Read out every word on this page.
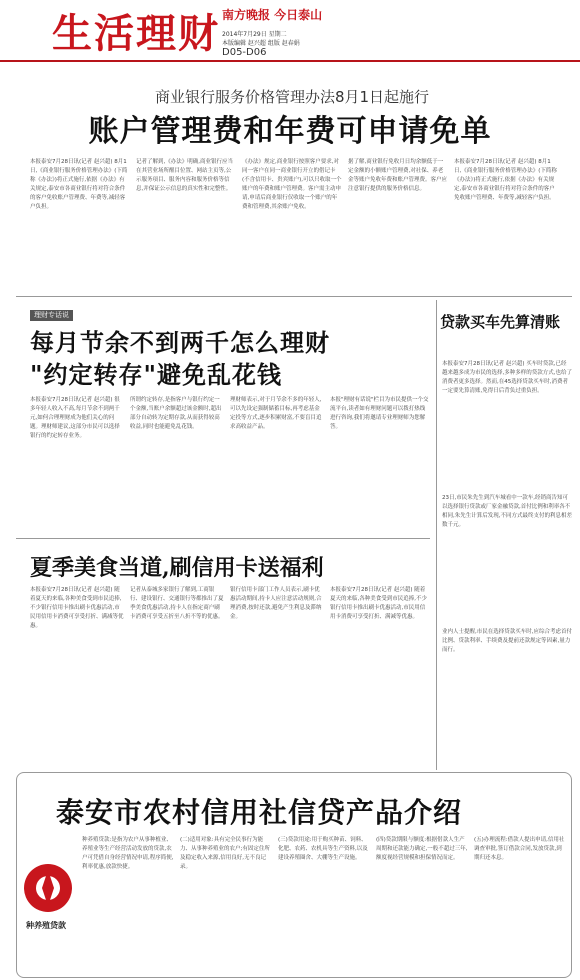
生活理财 南方晚报 今日泰山
2014年7月29日 星期二
本版编辑 赵兴超 组版 赵春娟
D05-D06
商业银行服务价格管理办法8月1日起施行
账户管理费和年费可申请免单
本报泰安7月28日讯(记者 赵兴超) 8月1日,《商业银行服务价格管理办法》(下简称《办法》)将正式施行,依据《办法》有关规定,泰安市各商业银行将对符合条件的客户免收账户管理费、年费等,减轻客户负担。
记者了解到,《办法》明确,商业银行应当在其营业场所醒目位置、网站主页等,公示服务项目、服务内容和服务价格等信息,并保证公示信息的真实性和完整性。
《办法》规定,商业银行按照客户要求,对同一客户在同一商业银行开立的借记卡(不含信用卡、贵宾账户),可以只收取一个账户的年费和账户管理费。客户需主动申请,申请后商业银行仅收取一个账户的年费和管理费,其余账户免收。
据了解,商业银行免收月日均余额低于一定金额的小额账户管理费,对社保、养老金等账户免收年费和账户管理费。客户应注意银行提供的服务价格信息。
本报泰安7月28日讯(记者 赵兴超) 8月1日,《商业银行服务价格管理办法》(下简称《办法》)将正式施行,依据《办法》有关规定,泰安市各商业银行将对符合条件的客户免收账户管理费、年费等,减轻客户负担。
理财专话说
每月节余不到两千怎么理财
"约定转存"避免乱花钱
本报泰安7月28日讯(记者 赵兴超) 很多年轻人收入不高,每月节余不到两千元,如何合理理财成为他们关心的问题。理财师建议,这部分市民可以选择银行的约定转存业务。
所谓约定转存,是指客户与银行约定一个金额,当账户余额超过该金额时,超出部分自动转为定期存款,从而获得较高收益,同时也能避免乱花钱。
理财师表示,对于月节余不多的年轻人,可以先设定强制储蓄目标,再考虑基金定投等方式,逐步积累财富,不要盲目追求高收益产品。
本报"理财有话说"栏目为市民提供一个交流平台,读者如有理财问题可以拨打热线进行咨询,我们将邀请专业理财师为您解答。
贷款买车先算清账
本报泰安7月28日讯(记者 赵兴超) 买车时贷款,已经越来越多成为市民的选择,多种多样的贷款方式,也给了消费者更多选择。然而,在45选择贷款买车时,消费者一定要先算清账,免得日后背负过重负担。
23日,市民朱先生到汽车城看中一款车,经销商告知可以选择银行贷款或厂家金融贷款,首付比例和利率各不相同,朱先生计算后发现,不同方式最终支付的利息相差数千元。
业内人士提醒,市民在选择贷款买车时,应综合考虑首付比例、贷款利率、手续费及提前还款规定等因素,量力而行。
夏季美食当道,刷信用卡送福利
本报泰安7月28日讯(记者 赵兴超) 随着夏天的来临,各种美食受到市民追捧,不少银行信用卡推出刷卡优惠活动,市民用信用卡消费可享受打折、满减等优惠。
记者从泰城多家银行了解到,工商银行、建设银行、交通银行等都推出了夏季美食优惠活动,持卡人在指定商户刷卡消费可享受五折至八折不等的优惠。
银行信用卡部门工作人员表示,刷卡优惠活动期间,持卡人应注意活动规则,合理消费,按时还款,避免产生利息及滞纳金。
本报泰安7月28日讯(记者 赵兴超) 随着夏天的来临,各种美食受到市民追捧,不少银行信用卡推出刷卡优惠活动,市民用信用卡消费可享受打折、满减等优惠。
泰安市农村信用社信贷产品介绍
种养殖贷款
种养殖贷款:是指为农户从事种植业、养殖业等生产经营活动发放的贷款,农户可凭借自身经营情况申请,程序简便,利率优惠,放款快捷。
(二)适用对象:具有完全民事行为能力、从事种养殖业的农户;有固定住所及稳定收入来源,信用良好,无不良记录。
(三)贷款用途:用于购买种苗、饲料、化肥、农药、农机具等生产资料,以及建设养殖圈舍、大棚等生产设施。
(四)贷款期限与额度:根据借款人生产周期和还款能力确定,一般不超过三年,额度视经营规模和担保情况而定。
(五)办理流程:借款人提出申请,信用社调查审批,签订借款合同,发放贷款,到期归还本息。
